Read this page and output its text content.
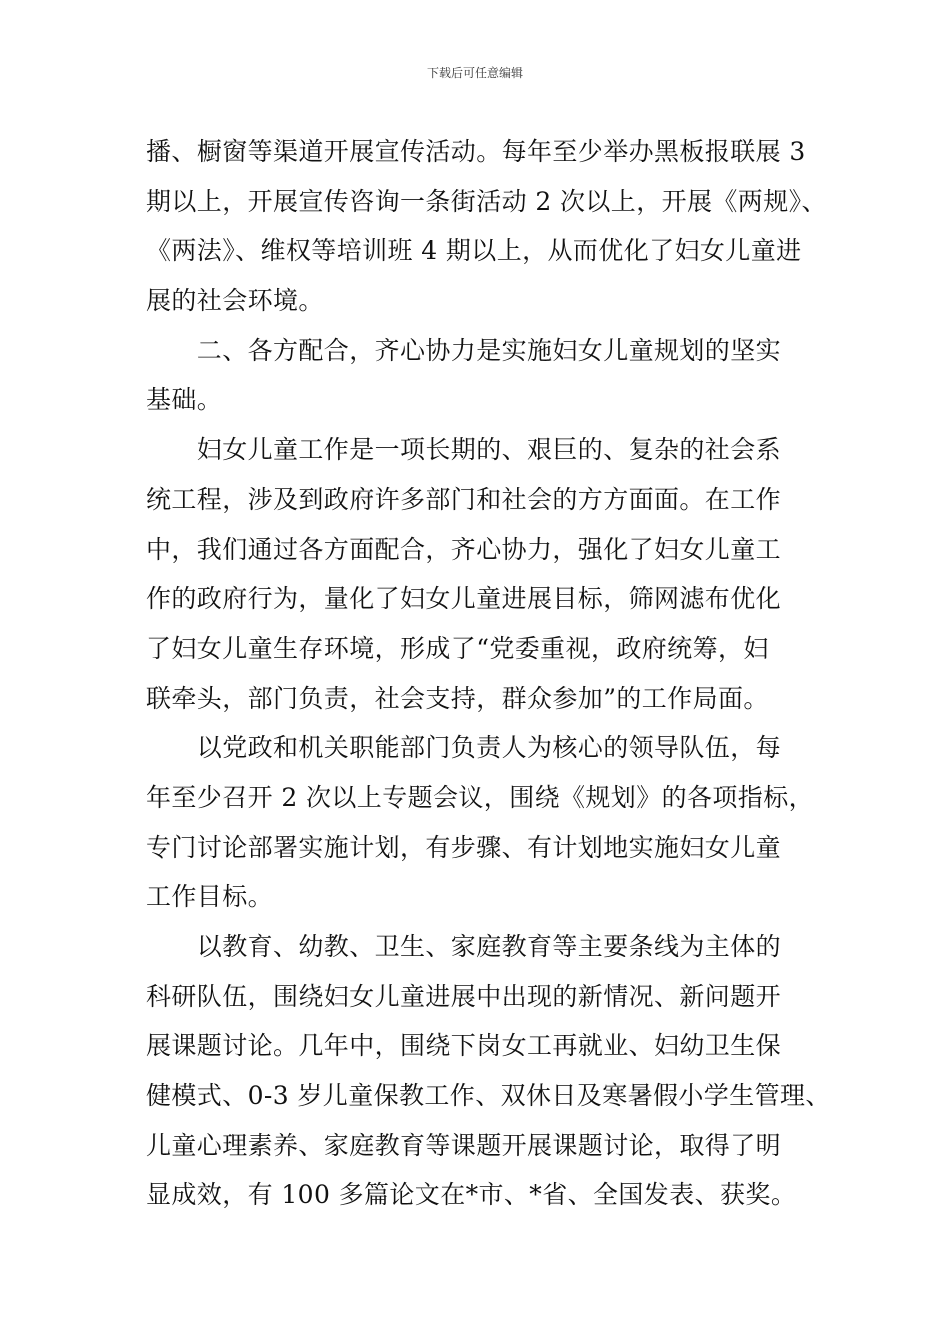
下载后可任意编辑
播、橱窗等渠道开展宣传活动。每年至少举办黑板报联展 3
期以上，开展宣传咨询一条街活动 2 次以上，开展《两规》、
《两法》、维权等培训班 4 期以上，从而优化了妇女儿童进
展的社会环境。
　　二、各方配合，齐心协力是实施妇女儿童规划的坚实
基础。
　　妇女儿童工作是一项长期的、艰巨的、复杂的社会系
统工程，涉及到政府许多部门和社会的方方面面。在工作
中，我们通过各方面配合，齐心协力，强化了妇女儿童工
作的政府行为，量化了妇女儿童进展目标，筛网滤布优化
了妇女儿童生存环境，形成了“党委重视，政府统筹，妇
联牵头，部门负责，社会支持，群众参加”的工作局面。
　　以党政和机关职能部门负责人为核心的领导队伍，每
年至少召开 2 次以上专题会议，围绕《规划》的各项指标，
专门讨论部署实施计划，有步骤、有计划地实施妇女儿童
工作目标。
　　以教育、幼教、卫生、家庭教育等主要条线为主体的
科研队伍，围绕妇女儿童进展中出现的新情况、新问题开
展课题讨论。几年中，围绕下岗女工再就业、妇幼卫生保
健模式、0-3 岁儿童保教工作、双休日及寒暑假小学生管理、
儿童心理素养、家庭教育等课题开展课题讨论，取得了明
显成效，有 100 多篇论文在*市、*省、全国发表、获奖。
